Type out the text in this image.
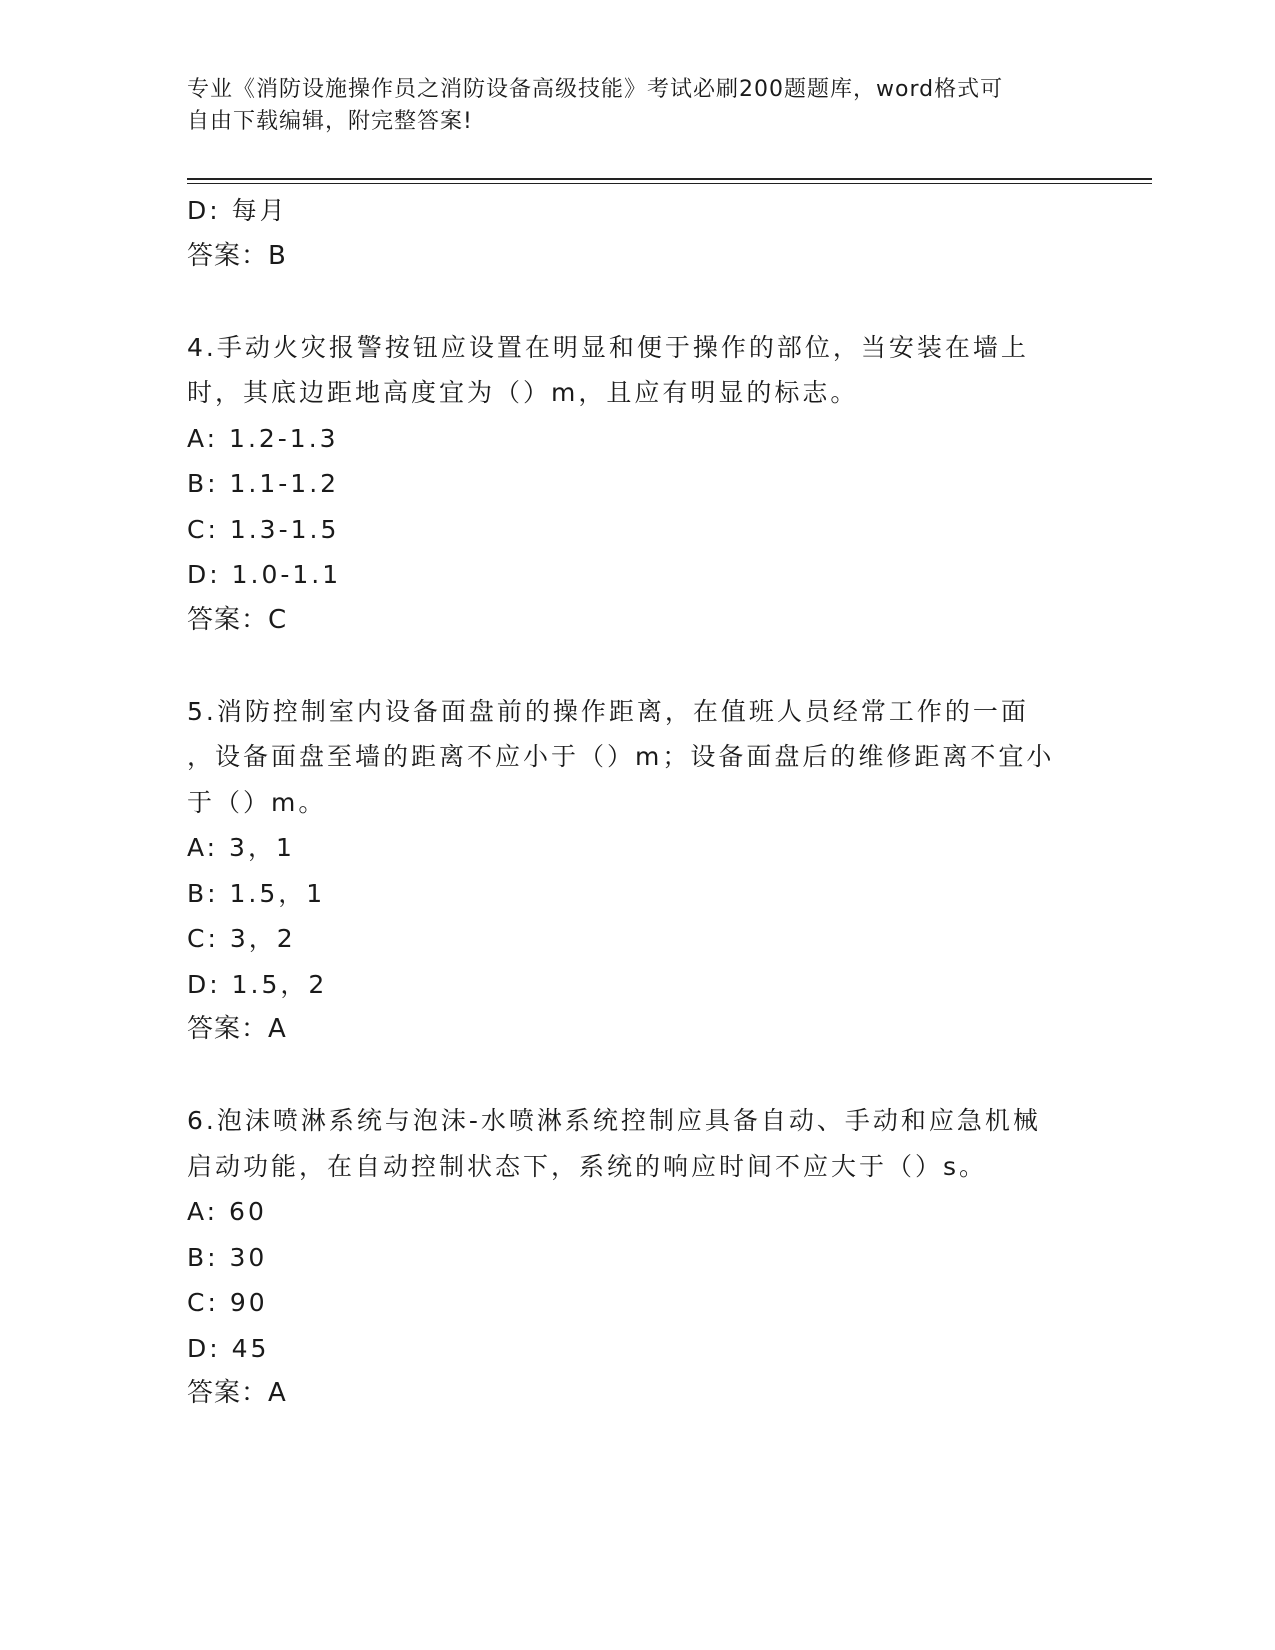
专业《消防设施操作员之消防设备高级技能》考试必刷200题题库，word格式可
自由下载编辑，附完整答案!
D: 每月
答案：B
4.手动火灾报警按钮应设置在明显和便于操作的部位，当安装在墙上
时，其底边距地高度宜为（）m，且应有明显的标志。
A: 1.2-1.3
B: 1.1-1.2
C: 1.3-1.5
D: 1.0-1.1
答案：C
5.消防控制室内设备面盘前的操作距离，在值班人员经常工作的一面
，设备面盘至墙的距离不应小于（）m；设备面盘后的维修距离不宜小
于（）m。
A: 3，1
B: 1.5，1
C: 3，2
D: 1.5，2
答案：A
6.泡沫喷淋系统与泡沫-水喷淋系统控制应具备自动、手动和应急机械
启动功能，在自动控制状态下，系统的响应时间不应大于（）s。
A: 60
B: 30
C: 90
D: 45
答案：A
